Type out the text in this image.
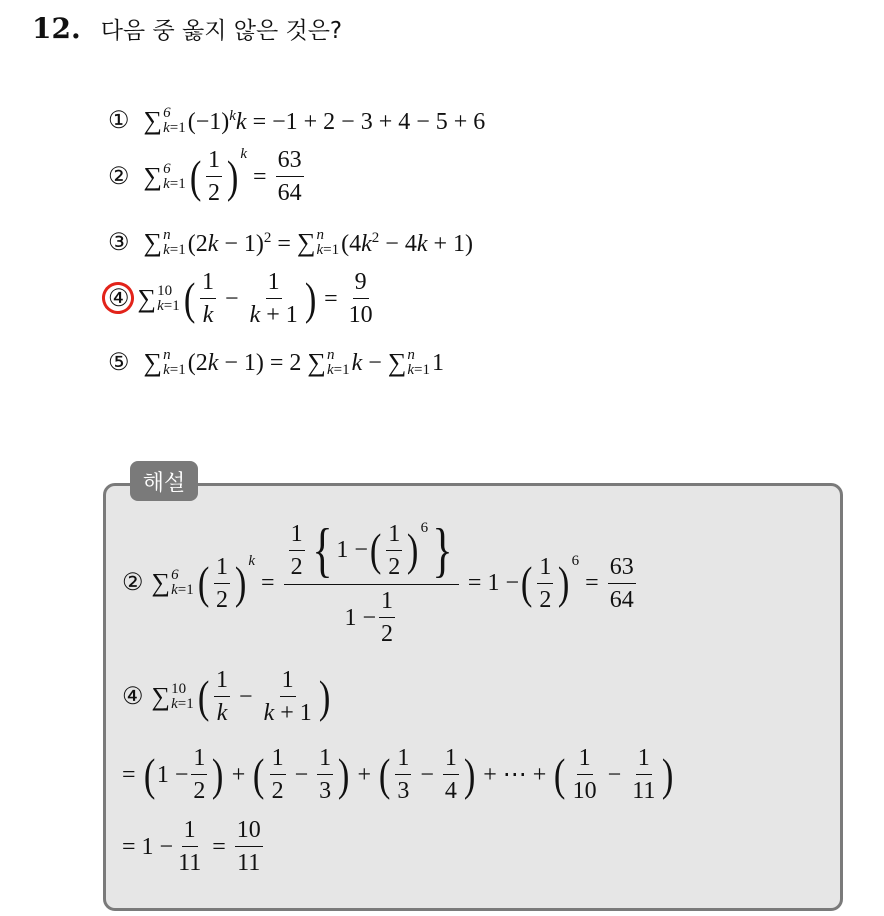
12. 다음 중 옳지 않은 것은?
① ∑ 6
k=1 $(-1)^kk = -1 + 2 - 3 + 4 - 5 + 6$
② ∑ 6
k=1 ( $\frac{1}{2}$ ) k
= $\frac{63}{64}$
③ ∑ n
k=1 $(2k - 1)^2$ = ∑ n
k=1 $(4k^2 - 4k + 1)$
④ ∑ 10
k=1 ( $\frac{1}{k} - \frac{1}{k + 1}$ ) = $\frac{9}{10}$
⑤ ∑ n
k=1 (2k − 1) = 2 ∑ n
k=1 k − ∑ n
k=1 1
해설
② ∑ 6
k=1 ( $\frac{1}{2}$ ) k
= $\frac{\frac{1}{2} \{ 1 - ( \frac{1}{2} ) 6 \}}{1 - \frac{1}{2}} = 1$ − ( $\frac{1}{2}$ ) 6
= $\frac{63}{64}$
④ ∑ 10
k=1 ( $\frac{1}{k} - \frac{1}{k + 1}$ )
= ( $1 - \frac{1}{2}$ ) + ( $\frac{1}{2} - \frac{1}{3}$ ) + ( $\frac{1}{3} - \frac{1}{4}$ ) + ⋯ + ( $\frac{1}{10} - \frac{1}{11}$ )
= $1 - \frac{1}{11} = \frac{10}{11}$
